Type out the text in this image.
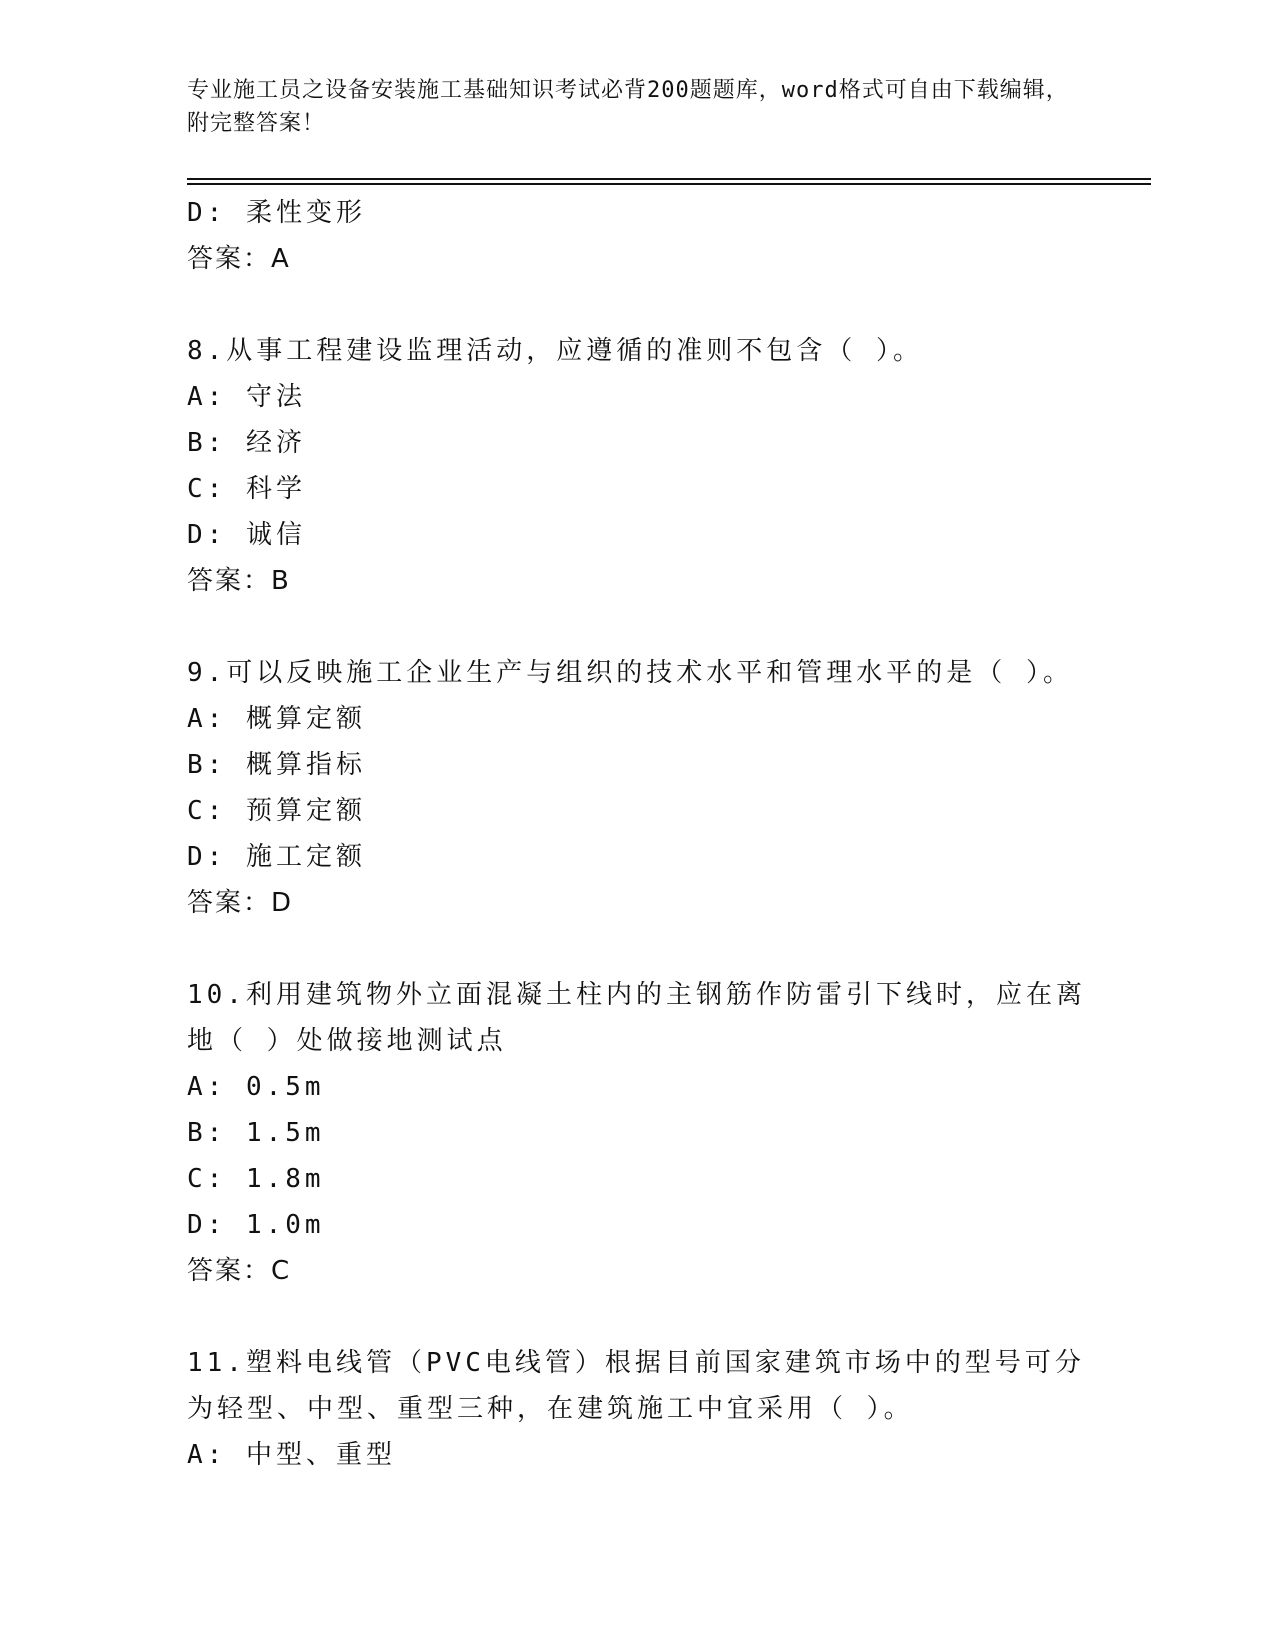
专业施工员之设备安装施工基础知识考试必背200题题库，word格式可自由下载编辑，附完整答案！
D: 柔性变形
答案：A
8.从事工程建设监理活动，应遵循的准则不包含（ ）。
A: 守法
B: 经济
C: 科学
D: 诚信
答案：B
9.可以反映施工企业生产与组织的技术水平和管理水平的是（ ）。
A: 概算定额
B: 概算指标
C: 预算定额
D: 施工定额
答案：D
10.利用建筑物外立面混凝土柱内的主钢筋作防雷引下线时，应在离地（ ）处做接地测试点
A: 0.5m
B: 1.5m
C: 1.8m
D: 1.0m
答案：C
11.塑料电线管（PVC电线管）根据目前国家建筑市场中的型号可分为轻型、中型、重型三种，在建筑施工中宜采用（ ）。
A: 中型、重型
